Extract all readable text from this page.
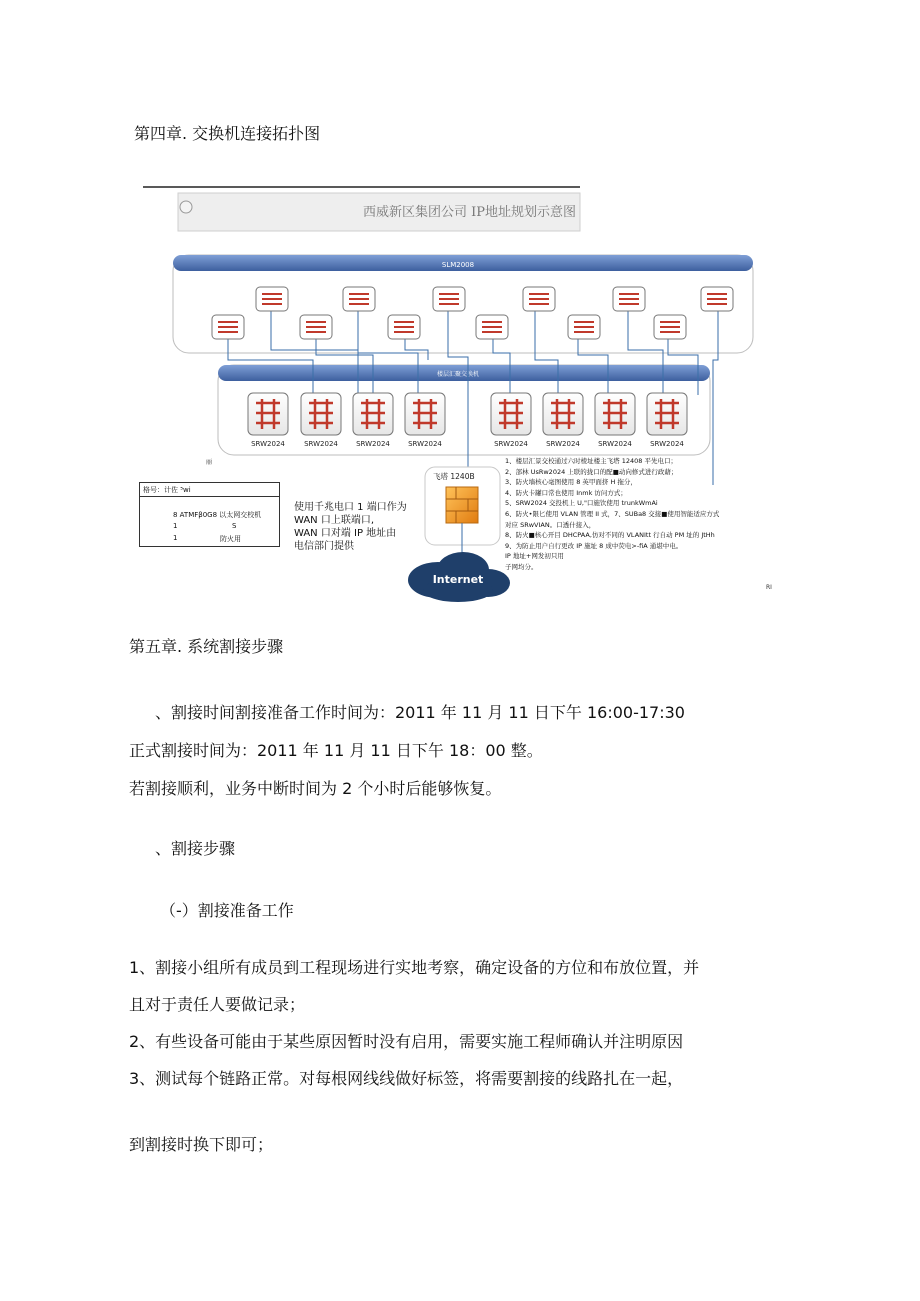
第四章. 交换机连接拓扑图
西威新区集团公司 IP地址规划示意图
SLM2008
楼层汇聚交换机
SRW2024	SRW2024	SRW2024	SRW2024	SRW2024	SRW2024	SRW2024	SRW2024
丽
飞塔 1240B
Internet
RI
格号：计佐 ⁵wi
8 ATMFβ0G8 以太网交校机
1	S
1	防火用
使用千兆电口 1 端口作为
WAN 口上联端口,
WAN 口对端 IP 地址由
电信部门提供
1、楼层汇景交校通过六时棱址楼主飞塔 12408 平先电口；
2、部林 UsRw2024 上联的拢口的配■动向修式进行政藉；
3、防火墙核心毫图使用 8 英甲面挤 H 拖分，
4、防火卡罐口常也使用 Inmk 访问方式；
5、SRW2024 交投机上 U,"口施饮使用 trunkWmAi
6、防火•限匕使用 VLAN 管理 II 式，7、SUBa8 交接■使用智能适应方式
对应 SRwVIAN。口透什接入，
8、防火■核心开目 DHCPAA,仿对不同的 VLANItt 行自动 PM 址的 JtHh
9、为防止用户自行更改 IP 施址 8 成中荧电>-fiA 通堪中电。
IP 地址+网发初只用
子网均分。
第五章. 系统割接步骤
、割接时间割接准备工作时间为：2011 年 11 月 11 日下午 16:00-17:30
正式割接时间为：2011 年 11 月 11 日下午 18：00 整。
若割接顺利，业务中断时间为 2 个小时后能够恢复。
、割接步骤
（-）割接准备工作
1、割接小组所有成员到工程现场进行实地考察，确定设备的方位和布放位置，并
且对于责任人要做记录；
2、有些设备可能由于某些原因暂时没有启用，需要实施工程师确认并注明原因
3、测试每个链路正常。对每根网线线做好标签，将需要割接的线路扎在一起，
到割接时换下即可；
